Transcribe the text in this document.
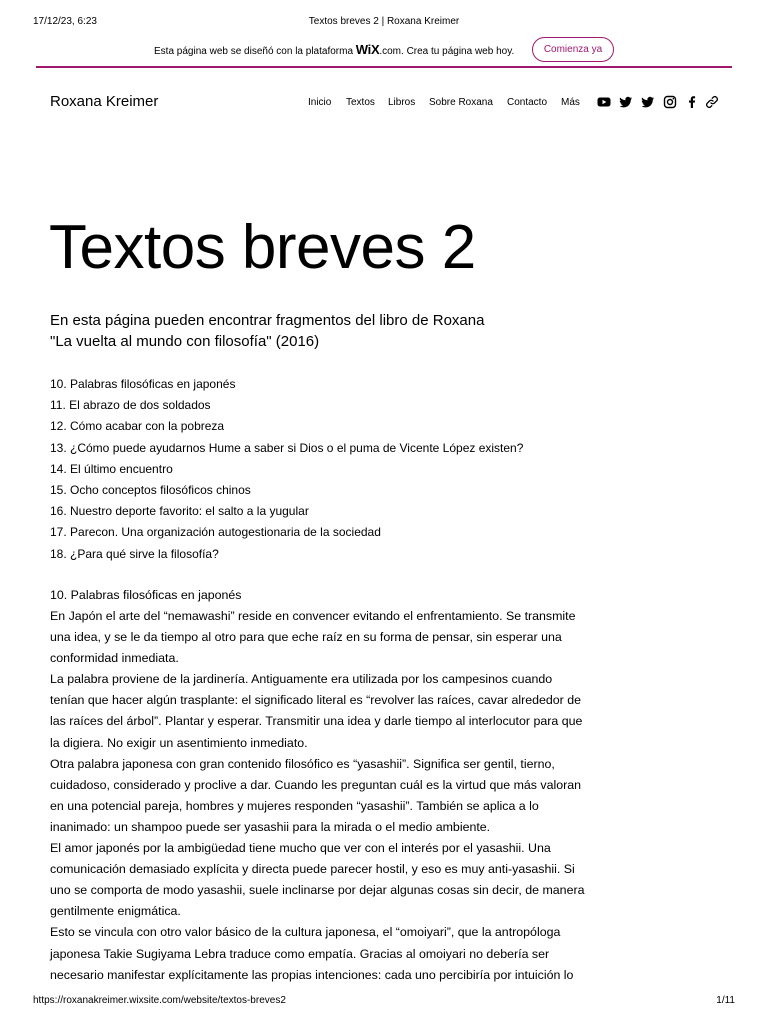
17/12/23, 6:23	Textos breves 2 | Roxana Kreimer
Esta página web se diseñó con la plataforma WiX.com. Crea tu página web hoy.	Comienza ya
Roxana Kreimer	Inicio Textos Libros Sobre Roxana Contacto Más
Textos breves 2
En esta página pueden encontrar fragmentos del libro de Roxana
"La vuelta al mundo con filosofía" (2016)
10. Palabras filosóficas en japonés
11. El abrazo de dos soldados
12. Cómo acabar con la pobreza
13. ¿Cómo puede ayudarnos Hume a saber si Dios o el puma de Vicente López existen?
14. El último encuentro
15. Ocho conceptos filosóficos chinos
16. Nuestro deporte favorito: el salto a la yugular
17. Parecon. Una organización autogestionaria de la sociedad
18. ¿Para qué sirve la filosofía?
10. Palabras filosóficas en japonés
En Japón el arte del “nemawashi” reside en convencer evitando el enfrentamiento. Se transmite
una idea, y se le da tiempo al otro para que eche raíz en su forma de pensar, sin esperar una
conformidad inmediata.
La palabra proviene de la jardinería. Antiguamente era utilizada por los campesinos cuando
tenían que hacer algún trasplante: el significado literal es “revolver las raíces, cavar alrededor de
las raíces del árbol”. Plantar y esperar. Transmitir una idea y darle tiempo al interlocutor para que
la digiera. No exigir un asentimiento inmediato.
Otra palabra japonesa con gran contenido filosófico es “yasashii”. Significa ser gentil, tierno,
cuidadoso, considerado y proclive a dar. Cuando les preguntan cuál es la virtud que más valoran
en una potencial pareja, hombres y mujeres responden “yasashii”. También se aplica a lo
inanimado: un shampoo puede ser yasashii para la mirada o el medio ambiente.
El amor japonés por la ambigüedad tiene mucho que ver con el interés por el yasashii. Una
comunicación demasiado explícita y directa puede parecer hostil, y eso es muy anti-yasashii. Si
uno se comporta de modo yasashii, suele inclinarse por dejar algunas cosas sin decir, de manera
gentilmente enigmática.
Esto se vincula con otro valor básico de la cultura japonesa, el “omoiyari”, que la antropóloga
japonesa Takie Sugiyama Lebra traduce como empatía. Gracias al omoiyari no debería ser
necesario manifestar explícitamente las propias intenciones: cada uno percibiría por intuición lo
https://roxanakreimer.wixsite.com/website/textos-breves2	1/11
